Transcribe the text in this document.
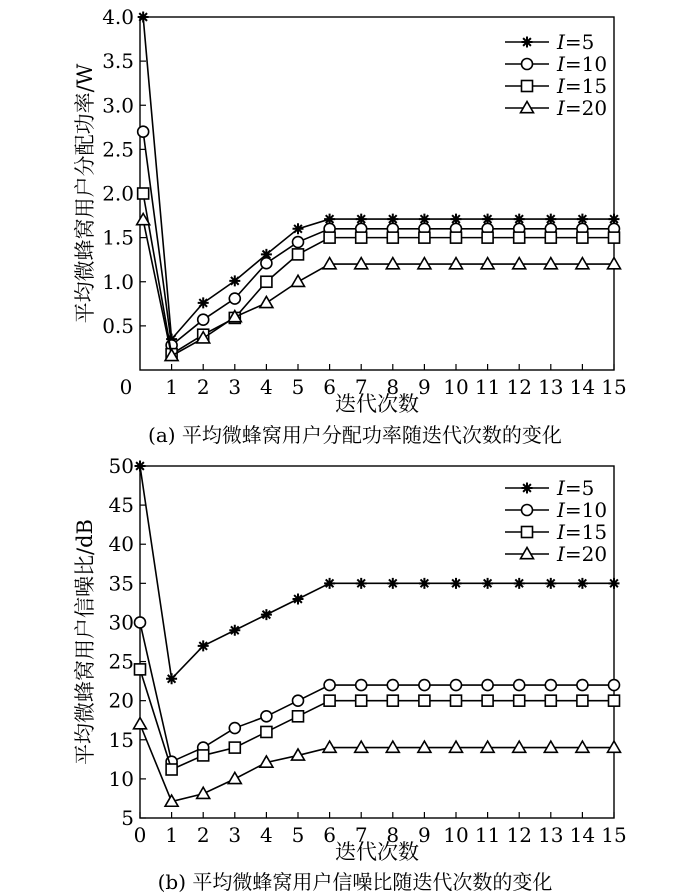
0.5
1.0
1.5
2.0
2.5
3.0
3.5
4.0
1 2 3 4 5 6 7 8 9 10 11 12 13 14 15
0
迭代次数
平均微蜂窝用户分配功率/W
(a) 平均微蜂窝用户分配功率随迭代次数的变化
I=5
I=10
I=15
I=20
5
10
15
20
25
30
35
40
45
50
0 1 2 3 4 5 6 7 8 9 10 11 12 13 14 15
迭代次数
平均微蜂窝用户信噪比/dB
(b) 平均微蜂窝用户信噪比随迭代次数的变化
I=5
I=10
I=15
I=20
